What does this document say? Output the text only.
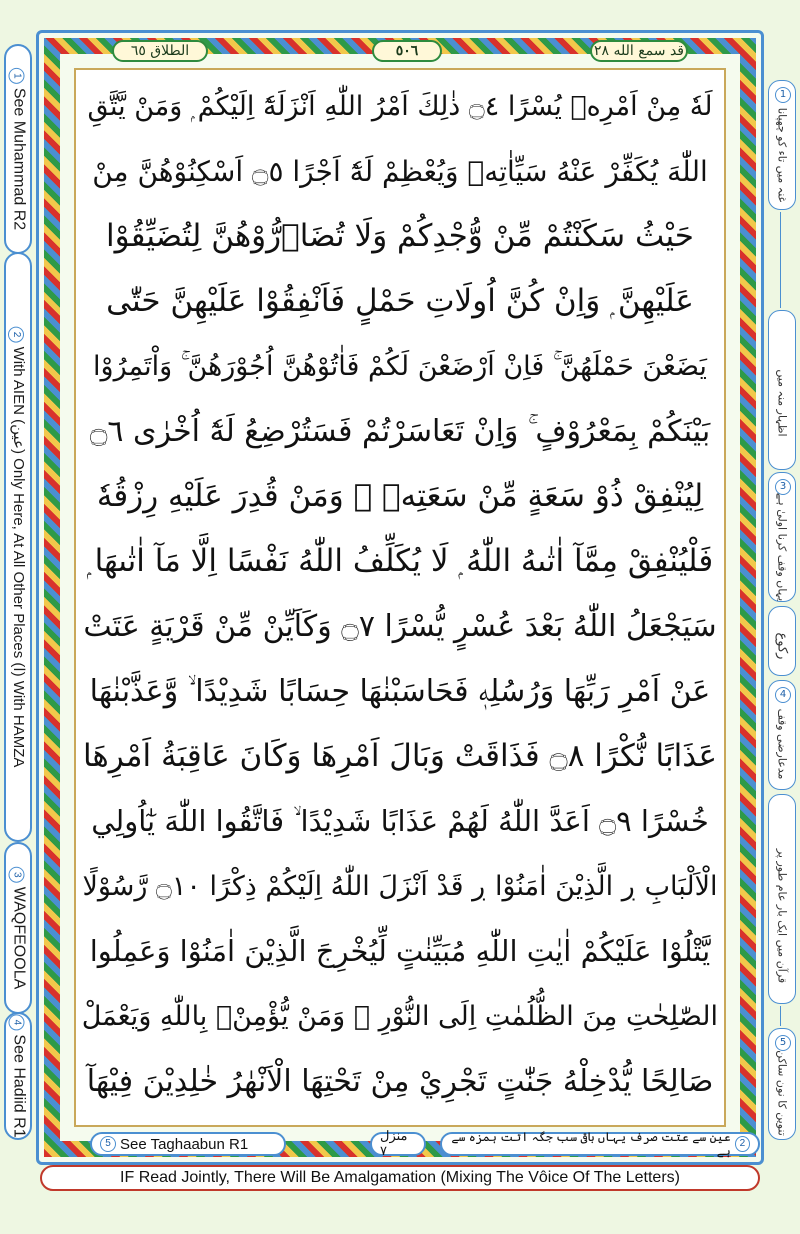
الطلاق ٦٥	٥٠٦	قد سمع الله ٢٨
1See Muhammad R2
2With AIEN (عين) Only Here, At All Other Places (ا) With HAMZA
3WAQFEOOLA
4See Hadiid R1
1
غنہ میں تاء کو چھپانا
اظہار منہ میں
3
یہاں وقف کرنا اولیٰ ہے
رکوع
4
مدعارضی وقف
قرآن میں ایک بار عام طور پر
5
تنوین کا نون ساکن
لَهٗ مِنْ اَمْرِهٖ يُسْرًا ۝٤ ذٰلِكَ اَمْرُ اللّٰهِ اَنْزَلَهٗٓ اِلَيْكُمْ ۭ وَمَنْ يَّتَّقِ
اللّٰهَ يُكَفِّرْ عَنْهُ سَيِّاٰتِهٖ وَيُعْظِمْ لَهٗٓ اَجْرًا ۝٥ اَسْكِنُوْهُنَّ مِنْ
حَيْثُ سَكَنْتُمْ مِّنْ وُّجْدِكُمْ وَلَا تُضَاۗرُّوْهُنَّ لِتُضَيِّقُوْا
عَلَيْهِنَّ ۭ وَاِنْ كُنَّ اُولَاتِ حَمْلٍ فَاَنْفِقُوْا عَلَيْهِنَّ حَتّٰى
يَضَعْنَ حَمْلَهُنَّ ۚ فَاِنْ اَرْضَعْنَ لَكُمْ فَاٰتُوْهُنَّ اُجُوْرَهُنَّ ۚ وَاْتَمِرُوْا
بَيْنَكُمْ بِمَعْرُوْفٍ ۚ وَاِنْ تَعَاسَرْتُمْ فَسَتُرْضِعُ لَهٗٓ اُخْرٰى ۝٦
لِيُنْفِقْ ذُوْ سَعَةٍ مِّنْ سَعَتِهٖ ۭ وَمَنْ قُدِرَ عَلَيْهِ رِزْقُهٗ
فَلْيُنْفِقْ مِمَّآ اٰتٰىهُ اللّٰهُ ۭ لَا يُكَلِّفُ اللّٰهُ نَفْسًا اِلَّا مَآ اٰتٰىهَا ۭ
سَيَجْعَلُ اللّٰهُ بَعْدَ عُسْرٍ يُّسْرًا ۝٧ وَكَاَيِّنْ مِّنْ قَرْيَةٍ عَتَتْ
عَنْ اَمْرِ رَبِّهَا وَرُسُلِهٖ فَحَاسَبْنٰهَا حِسَابًا شَدِيْدًا ۙ وَّعَذَّبْنٰهَا
عَذَابًا نُّكْرًا ۝٨ فَذَاقَتْ وَبَالَ اَمْرِهَا وَكَانَ عَاقِبَةُ اَمْرِهَا
خُسْرًا ۝٩ اَعَدَّ اللّٰهُ لَهُمْ عَذَابًا شَدِيْدًا ۙ فَاتَّقُوا اللّٰهَ يٰٓاُولِي
الْاَلْبَابِ ڔ الَّذِيْنَ اٰمَنُوْا ڔ قَدْ اَنْزَلَ اللّٰهُ اِلَيْكُمْ ذِكْرًا ۝١٠ رَّسُوْلًا
يَّتْلُوْا عَلَيْكُمْ اٰيٰتِ اللّٰهِ مُبَيِّنٰتٍ لِّيُخْرِجَ الَّذِيْنَ اٰمَنُوْا وَعَمِلُوا
الصّٰلِحٰتِ مِنَ الظُّلُمٰتِ اِلَى النُّوْرِ ۭ وَمَنْ يُّؤْمِنْۢ بِاللّٰهِ وَيَعْمَلْ
صَالِحًا يُّدْخِلْهُ جَنّٰتٍ تَجْرِيْ مِنْ تَحْتِهَا الْاَنْهٰرُ خٰلِدِيْنَ فِيْهَآ
5 See Taghaabun R1	منزل ٧
2
عین سے عتت صرف یہاں باقی سب جگہ اتت ہمزہ سے ہے
IF Read Jointly, There Will Be Amalgamation (Mixing The Vôice Of The Letters)
